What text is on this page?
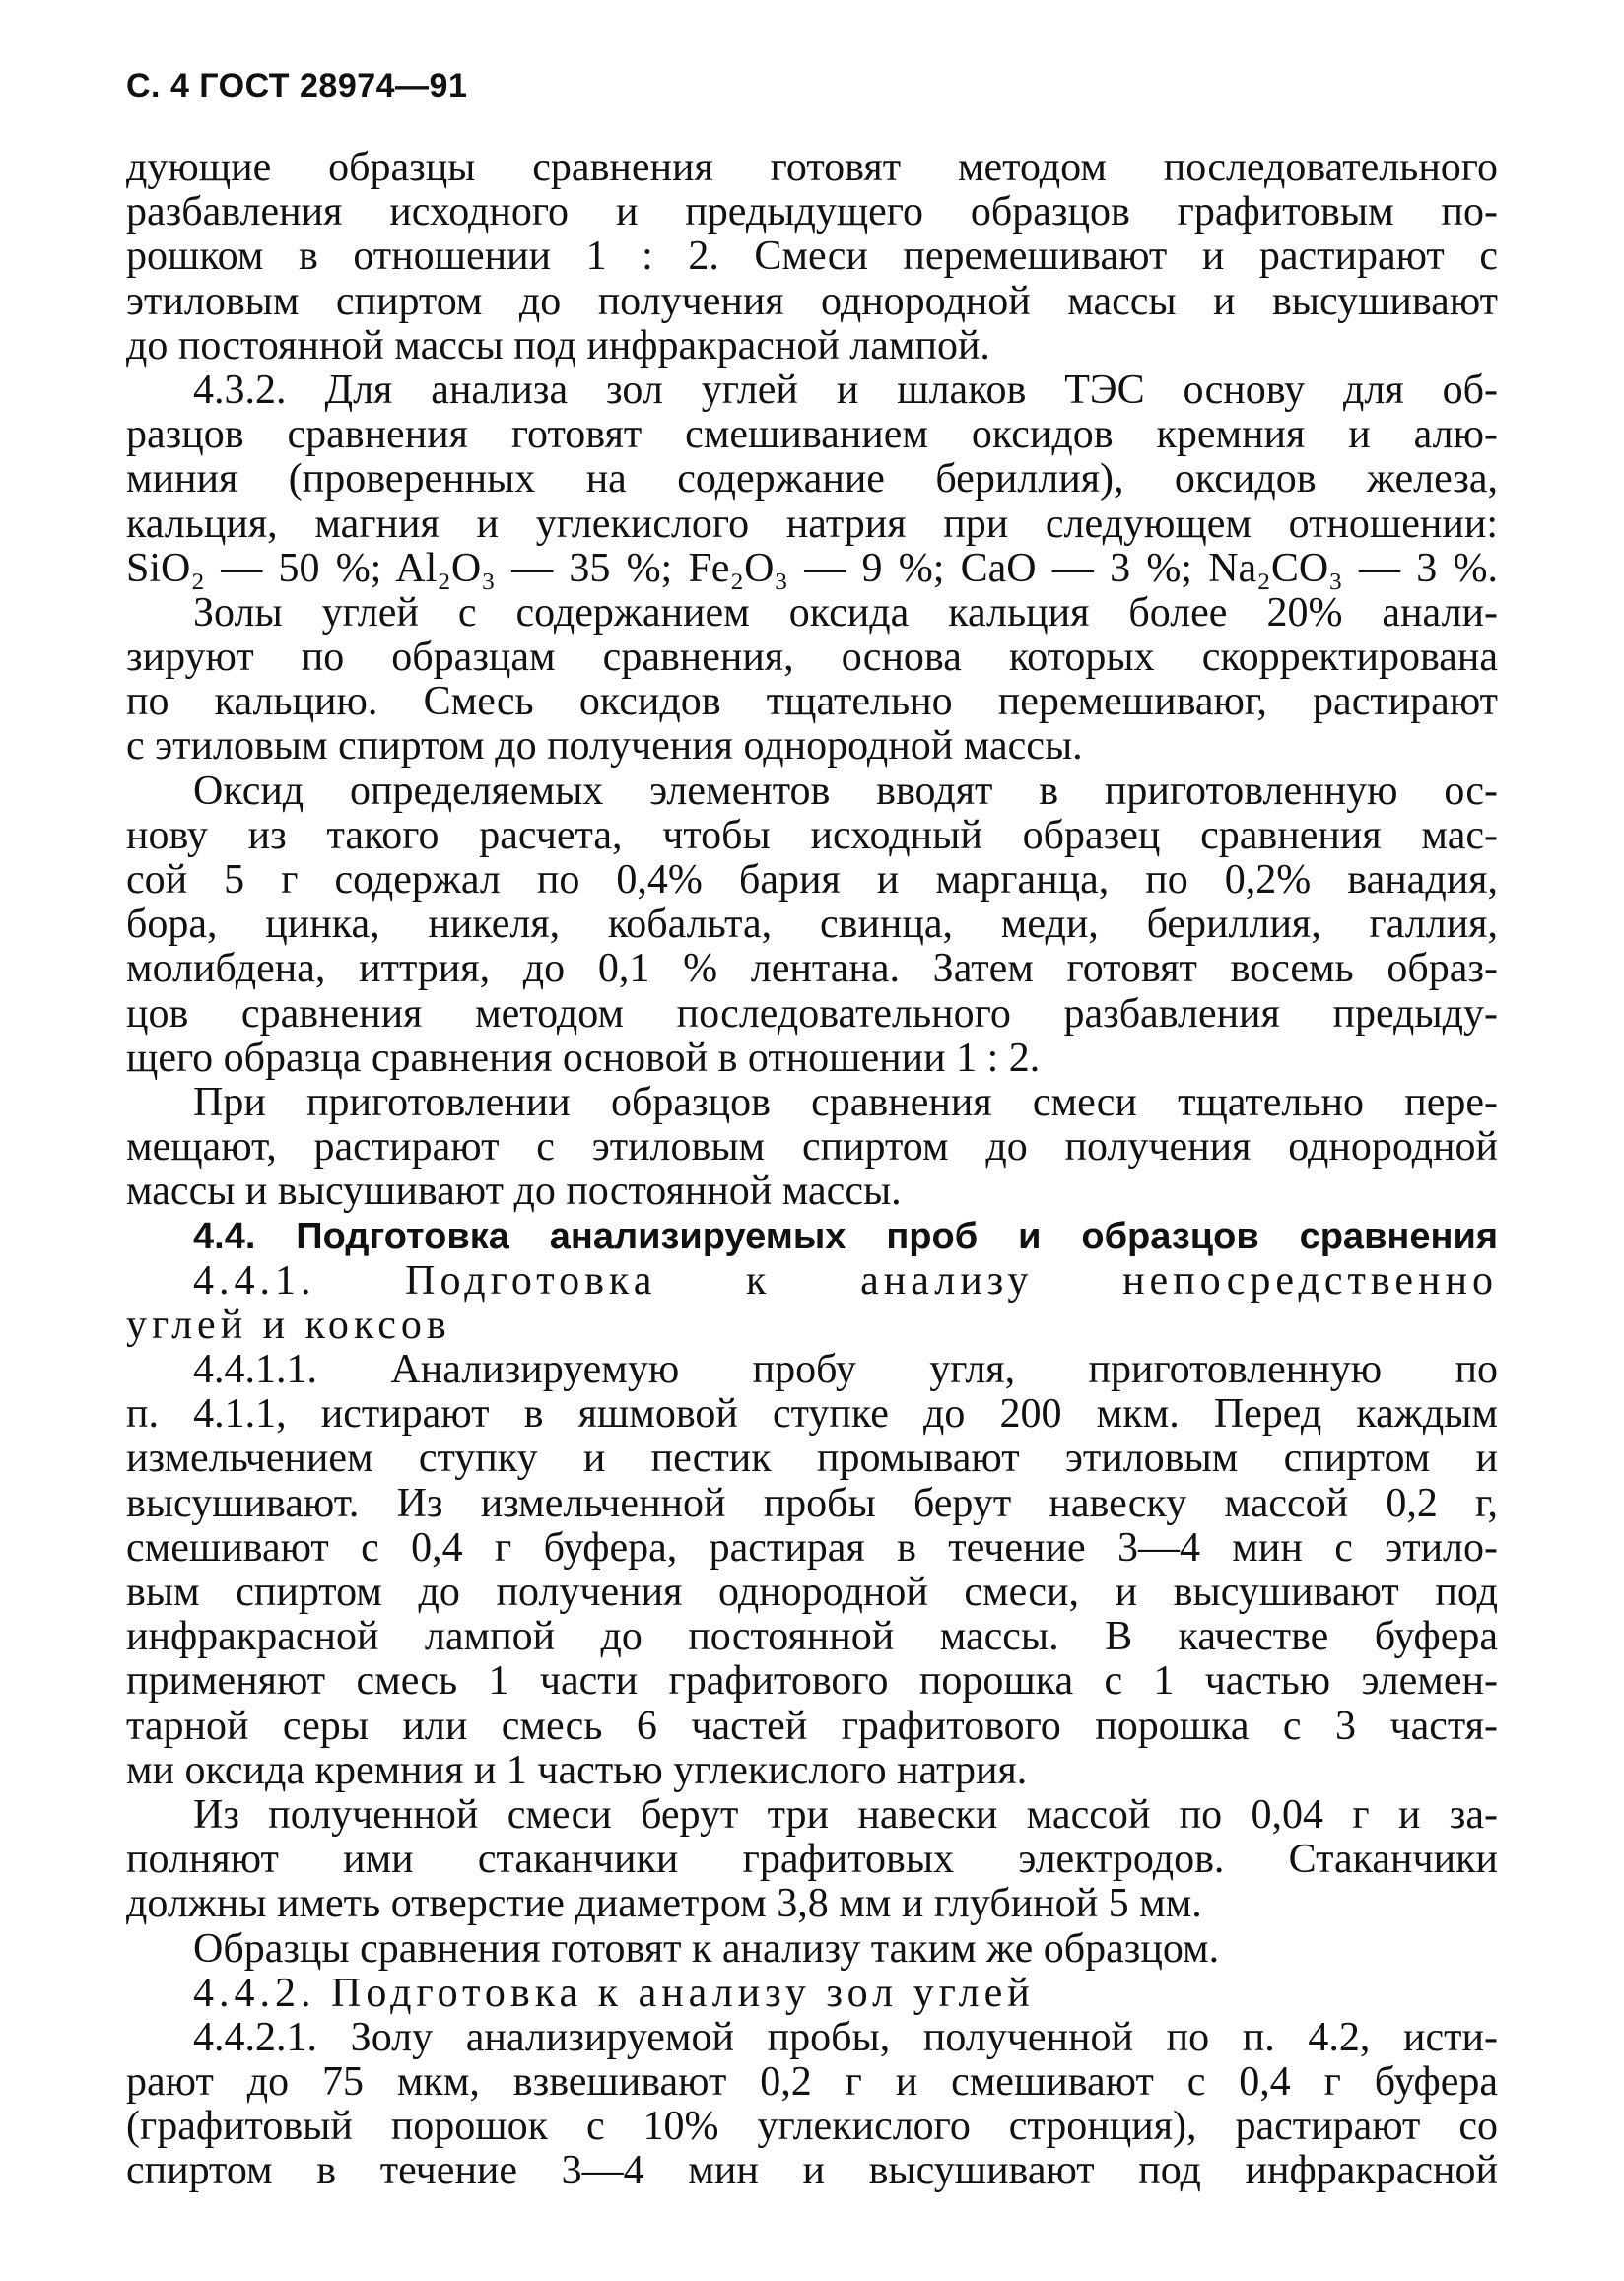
С. 4 ГОСТ 28974—91
дующие образцы сравнения готовят методом последовательного
разбавления исходного и предыдущего образцов графитовым по-
рошком в отношении 1 : 2. Смеси перемешивают и растирают с
этиловым спиртом до получения однородной массы и высушивают
до постоянной массы под инфракрасной лампой.
4.3.2. Для анализа зол углей и шлаков ТЭС основу для об-
разцов сравнения готовят смешиванием оксидов кремния и алю-
миния (проверенных на содержание бериллия), оксидов железа,
кальция, магния и углекислого натрия при следующем отношении:
SiO₂ — 50 %; Al₂O₃ — 35 %; Fe₂O₃ — 9 %; CaO — 3 %; Na₂CO₃ — 3 %.
Золы углей с содержанием оксида кальция более 20% анали-
зируют по образцам сравнения, основа которых скорректирована
по кальцию. Смесь оксидов тщательно перемешиваюг, растирают
с этиловым спиртом до получения однородной массы.
Оксид определяемых элементов вводят в приготовленную ос-
нову из такого расчета, чтобы исходный образец сравнения мас-
сой 5 г содержал по 0,4% бария и марганца, по 0,2% ванадия,
бора, цинка, никеля, кобальта, свинца, меди, бериллия, галлия,
молибдена, иттрия, до 0,1 % лентана. Затем готовят восемь образ-
цов сравнения методом последовательного разбавления предыду-
щего образца сравнения основой в отношении 1 : 2.
При приготовлении образцов сравнения смеси тщательно пере-
мещают, растирают с этиловым спиртом до получения однородной
массы и высушивают до постоянной массы.
4.4. Подготовка анализируемых проб и образцов сравнения
4.4.1. Подготовка к анализу непосредственно
углей и коксов
4.4.1.1. Анализируемую пробу угля, приготовленную по
п. 4.1.1, истирают в яшмовой ступке до 200 мкм. Перед каждым
измельчением ступку и пестик промывают этиловым спиртом и
высушивают. Из измельченной пробы берут навеску массой 0,2 г,
смешивают с 0,4 г буфера, растирая в течение 3—4 мин с этило-
вым спиртом до получения однородной смеси, и высушивают под
инфракрасной лампой до постоянной массы. В качестве буфера
применяют смесь 1 части графитового порошка с 1 частью элемен-
тарной серы или смесь 6 частей графитового порошка с 3 частя-
ми оксида кремния и 1 частью углекислого натрия.
Из полученной смеси берут три навески массой по 0,04 г и за-
полняют ими стаканчики графитовых электродов. Стаканчики
должны иметь отверстие диаметром 3,8 мм и глубиной 5 мм.
Образцы сравнения готовят к анализу таким же образцом.
4.4.2. Подготовка к анализу зол углей
4.4.2.1. Золу анализируемой пробы, полученной по п. 4.2, исти-
рают до 75 мкм, взвешивают 0,2 г и смешивают с 0,4 г буфера
(графитовый порошок с 10% углекислого стронция), растирают со
спиртом в течение 3—4 мин и высушивают под инфракрасной
